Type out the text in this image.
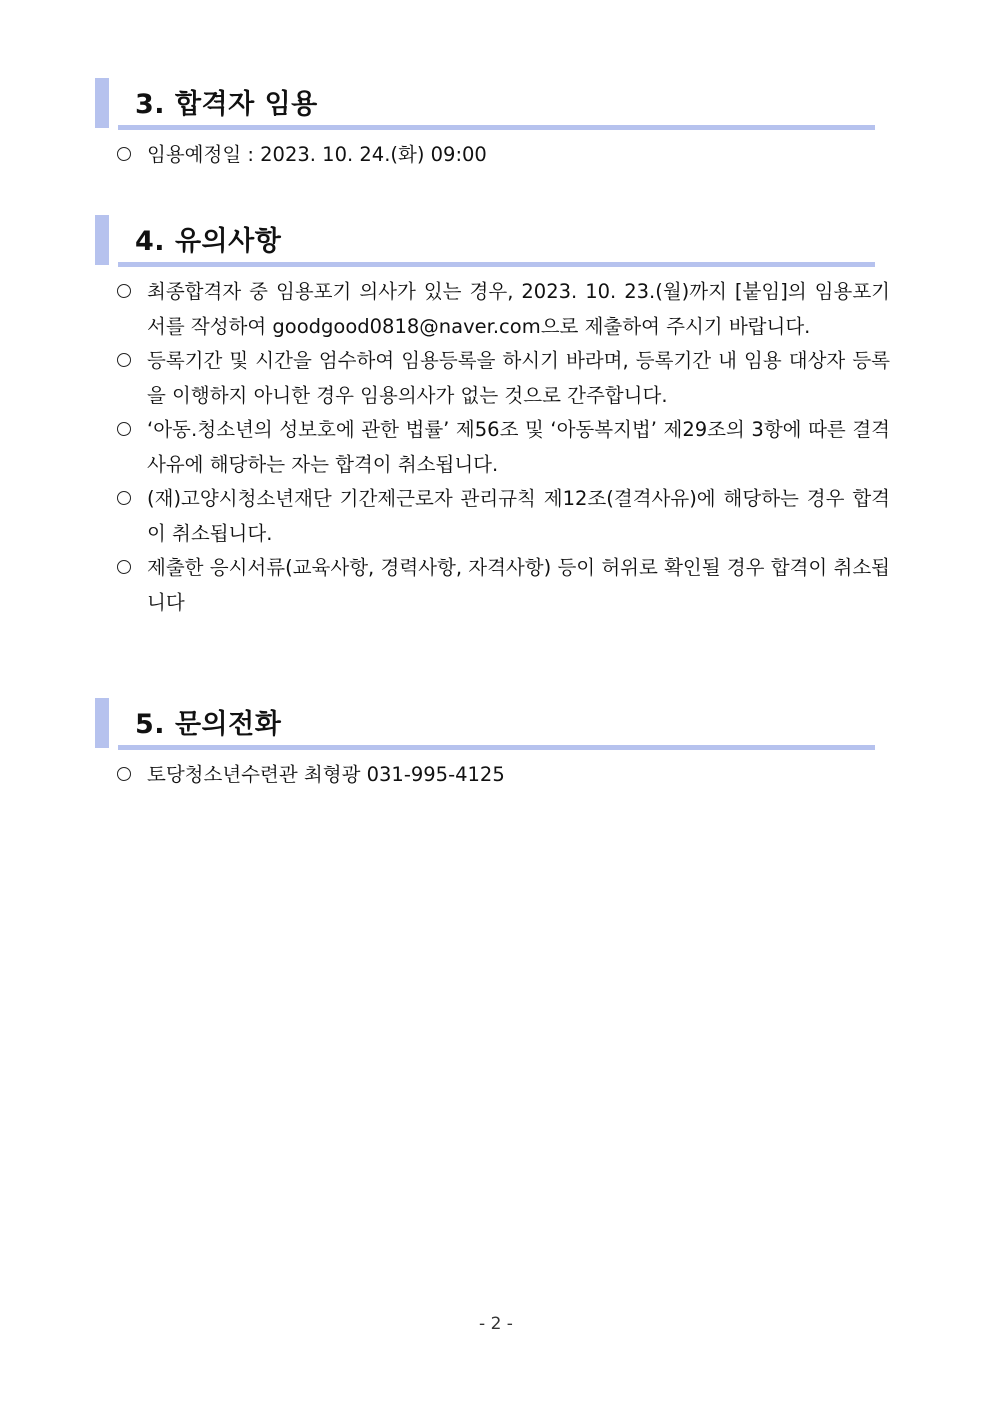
3. 합격자 임용
임용예정일 : 2023. 10. 24.(화) 09:00
4. 유의사항
최종합격자 중 임용포기 의사가 있는 경우, 2023. 10. 23.(월)까지 [붙임]의 임용포기서를 작성하여 goodgood0818@naver.com으로 제출하여 주시기 바랍니다.
등록기간 및 시간을 엄수하여 임용등록을 하시기 바라며, 등록기간 내 임용 대상자 등록을 이행하지 아니한 경우 임용의사가 없는 것으로 간주합니다.
‘아동․청소년의 성보호에 관한 법률’ 제56조 및 ‘아동복지법’ 제29조의 3항에 따른 결격사유에 해당하는 자는 합격이 취소됩니다.
(재)고양시청소년재단 기간제근로자 관리규칙 제12조(결격사유)에 해당하는 경우 합격이 취소됩니다.
제출한 응시서류(교육사항, 경력사항, 자격사항) 등이 허위로 확인될 경우 합격이 취소됩니다
5. 문의전화
토당청소년수련관 최형광 031-995-4125
- 2 -
